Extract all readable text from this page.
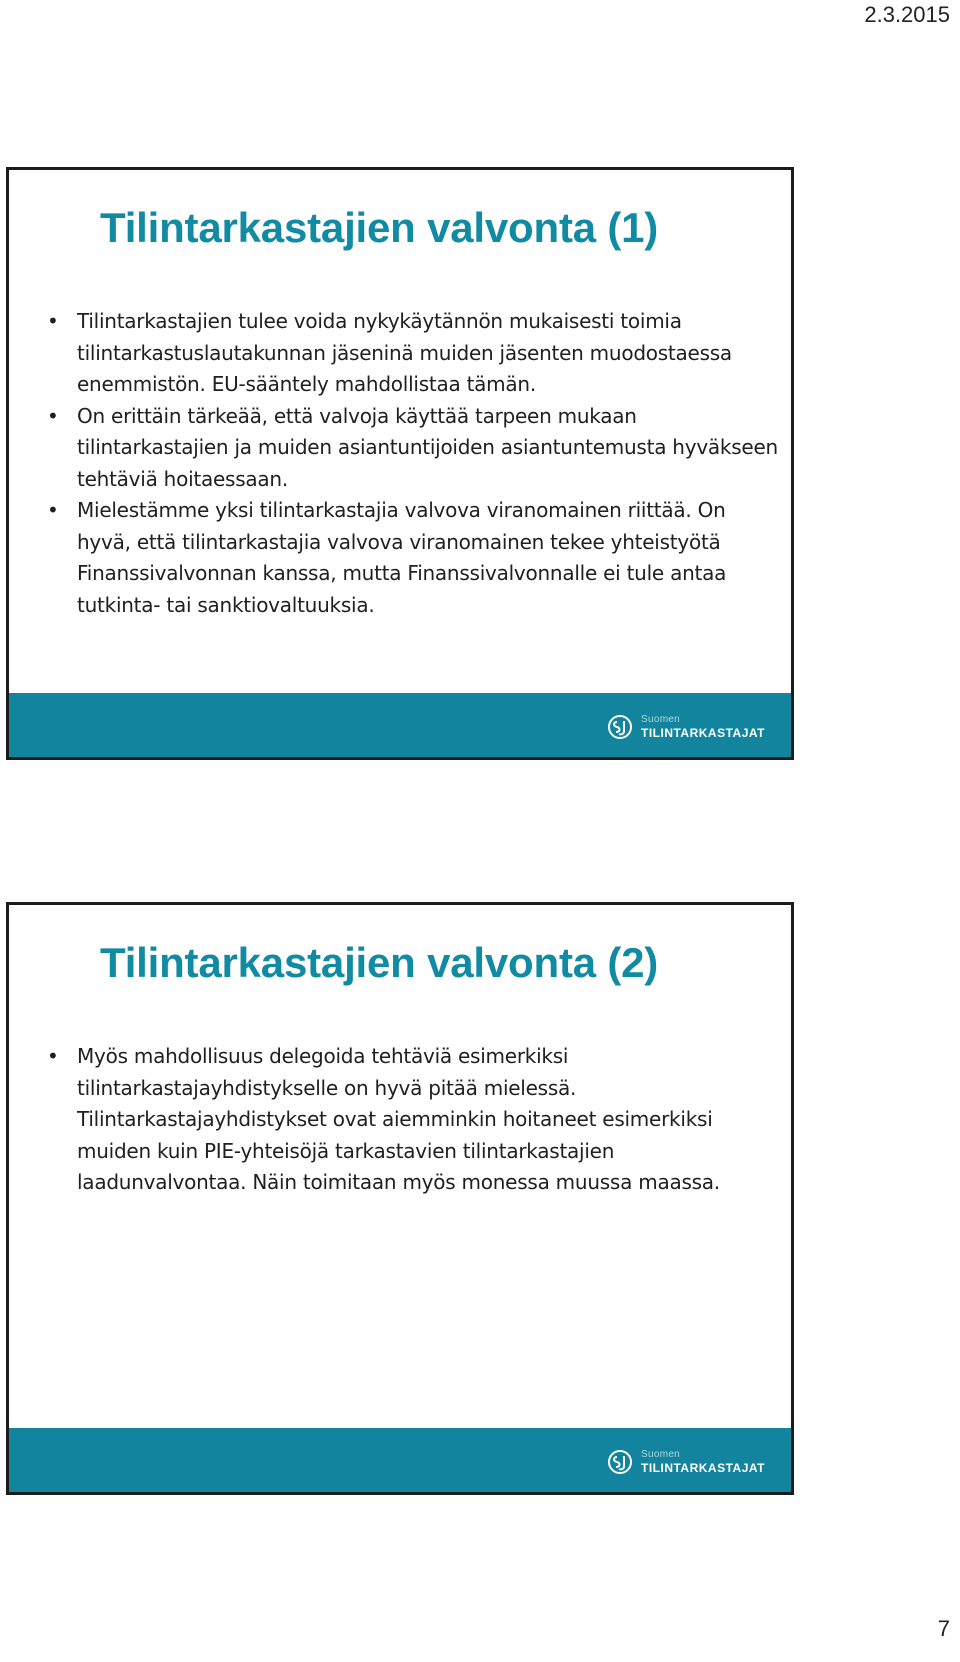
2.3.2015
Tilintarkastajien valvonta (1)
• Tilintarkastajien tulee voida nykykäytännön mukaisesti toimia tilintarkastuslautakunnan jäseninä muiden jäsenten muodostaessa enemmistön. EU-sääntely mahdollistaa tämän.
• On erittäin tärkeää, että valvoja käyttää tarpeen mukaan tilintarkastajien ja muiden asiantuntijoiden asiantuntemusta hyväkseen tehtäviä hoitaessaan.
• Mielestämme yksi tilintarkastajia valvova viranomainen riittää. On hyvä, että tilintarkastajia valvova viranomainen tekee yhteistyötä Finanssivalvonnan kanssa, mutta Finanssivalvonnalle ei tule antaa tutkinta- tai sanktiovaltuuksia.
Suomen
TILINTARKASTAJAT
Tilintarkastajien valvonta (2)
• Myös mahdollisuus delegoida tehtäviä esimerkiksi tilintarkastajayhdistykselle on hyvä pitää mielessä. Tilintarkastajayhdistykset ovat aiemminkin hoitaneet esimerkiksi muiden kuin PIE-yhteisöjä tarkastavien tilintarkastajien laadunvalvontaa. Näin toimitaan myös monessa muussa maassa.
Suomen
TILINTARKASTAJAT
7
